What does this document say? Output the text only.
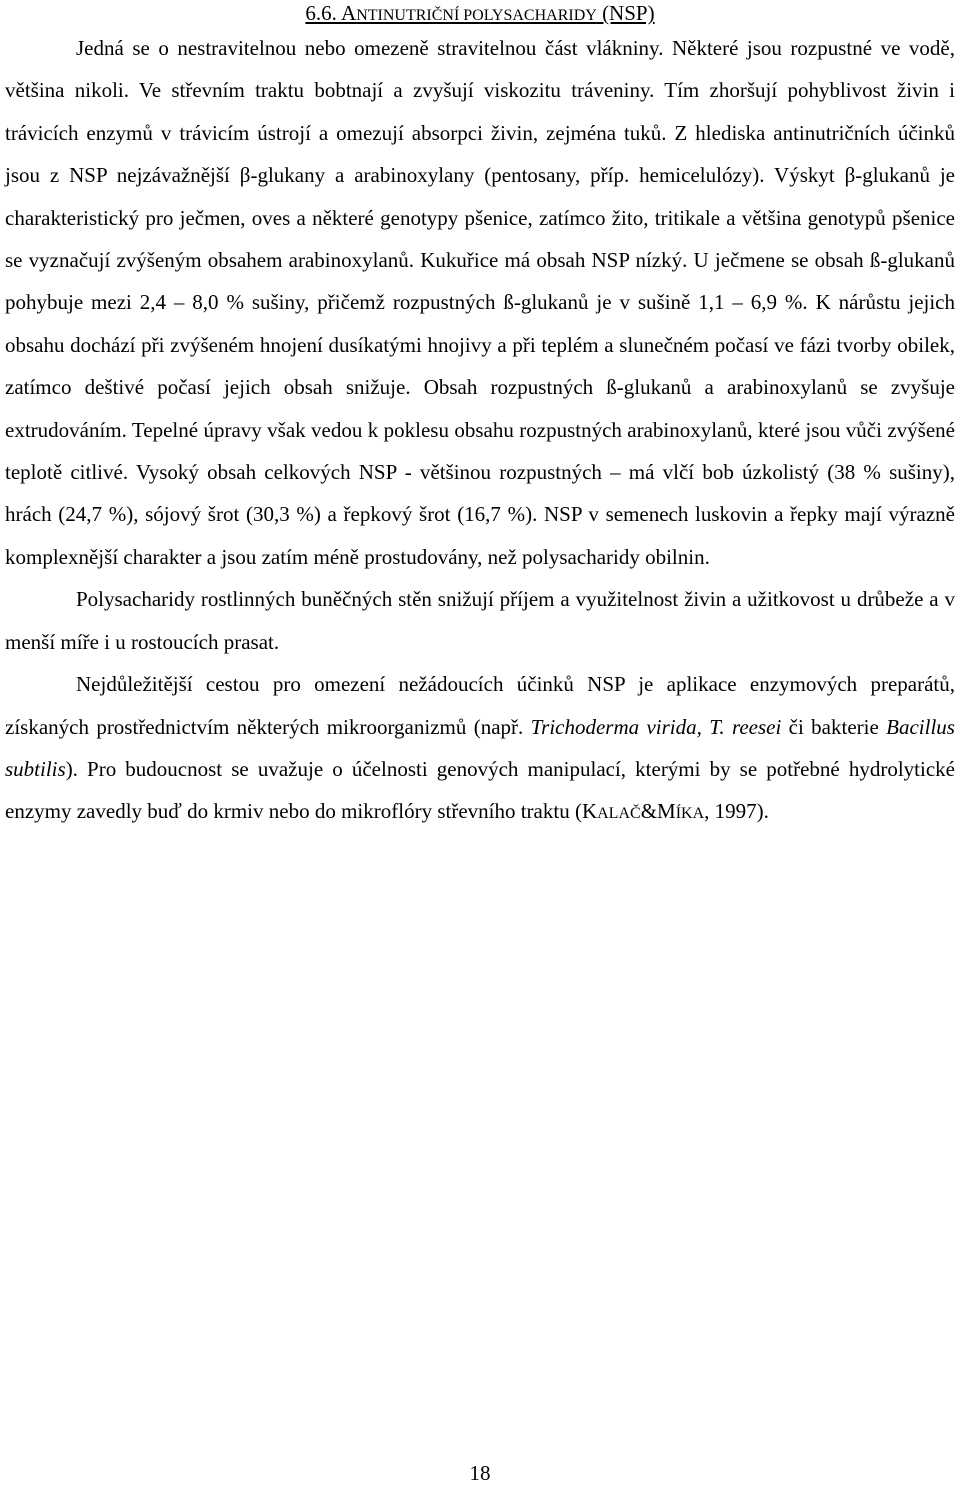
6.6. ANTINUTRIČNÍ POLYSACHARIDY (NSP)

Jedná se o nestravitelnou nebo omezeně stravitelnou část vlákniny. Některé jsou rozpustné ve vodě, většina nikoli. Ve střevním traktu bobtnají a zvyšují viskozitu tráveniny. Tím zhoršují pohyblivost živin i trávicích enzymů v trávicím ústrojí a omezují absorpci živin, zejména tuků. Z hlediska antinutričních účinků jsou z NSP nejzávažnější β-glukany a arabinoxylany (pentosany, příp. hemicelulózy). Výskyt β-glukanů je charakteristický pro ječmen, oves a některé genotypy pšenice, zatímco žito, tritikale a většina genotypů pšenice se vyznačují zvýšeným obsahem arabinoxylanů. Kukuřice má obsah NSP nízký. U ječmene se obsah ß-glukanů pohybuje mezi 2,4 – 8,0 % sušiny, přičemž rozpustných ß-glukanů je v sušině 1,1 – 6,9 %. K nárůstu jejich obsahu dochází při zvýšeném hnojení dusíkatými hnojivy a při teplém a slunečném počasí ve fázi tvorby obilek, zatímco deštivé počasí jejich obsah snižuje. Obsah rozpustných ß-glukanů a arabinoxylanů se zvyšuje extrudováním. Tepelné úpravy však vedou k poklesu obsahu rozpustných arabinoxylanů, které jsou vůči zvýšené teplotě citlivé. Vysoký obsah celkových NSP - většinou rozpustných – má vlčí bob úzkolistý (38 % sušiny), hrách (24,7 %), sójový šrot (30,3 %) a řepkový šrot (16,7 %). NSP v semenech luskovin a řepky mají výrazně komplexnější charakter a jsou zatím méně prostudovány, než polysacharidy obilnin.

Polysacharidy rostlinných buněčných stěn snižují příjem a využitelnost živin a užitkovost u drůbeže a v menší míře i u rostoucích prasat.

Nejdůležitější cestou pro omezení nežádoucích účinků NSP je aplikace enzymových preparátů, získaných prostřednictvím některých mikroorganizmů (např. Trichoderma virida, T. reesei či bakterie Bacillus subtilis). Pro budoucnost se uvažuje o účelnosti genových manipulací, kterými by se potřebné hydrolytické enzymy zavedly buď do krmiv nebo do mikroflóry střevního traktu (KALAČ&MÍKA, 1997).

18
